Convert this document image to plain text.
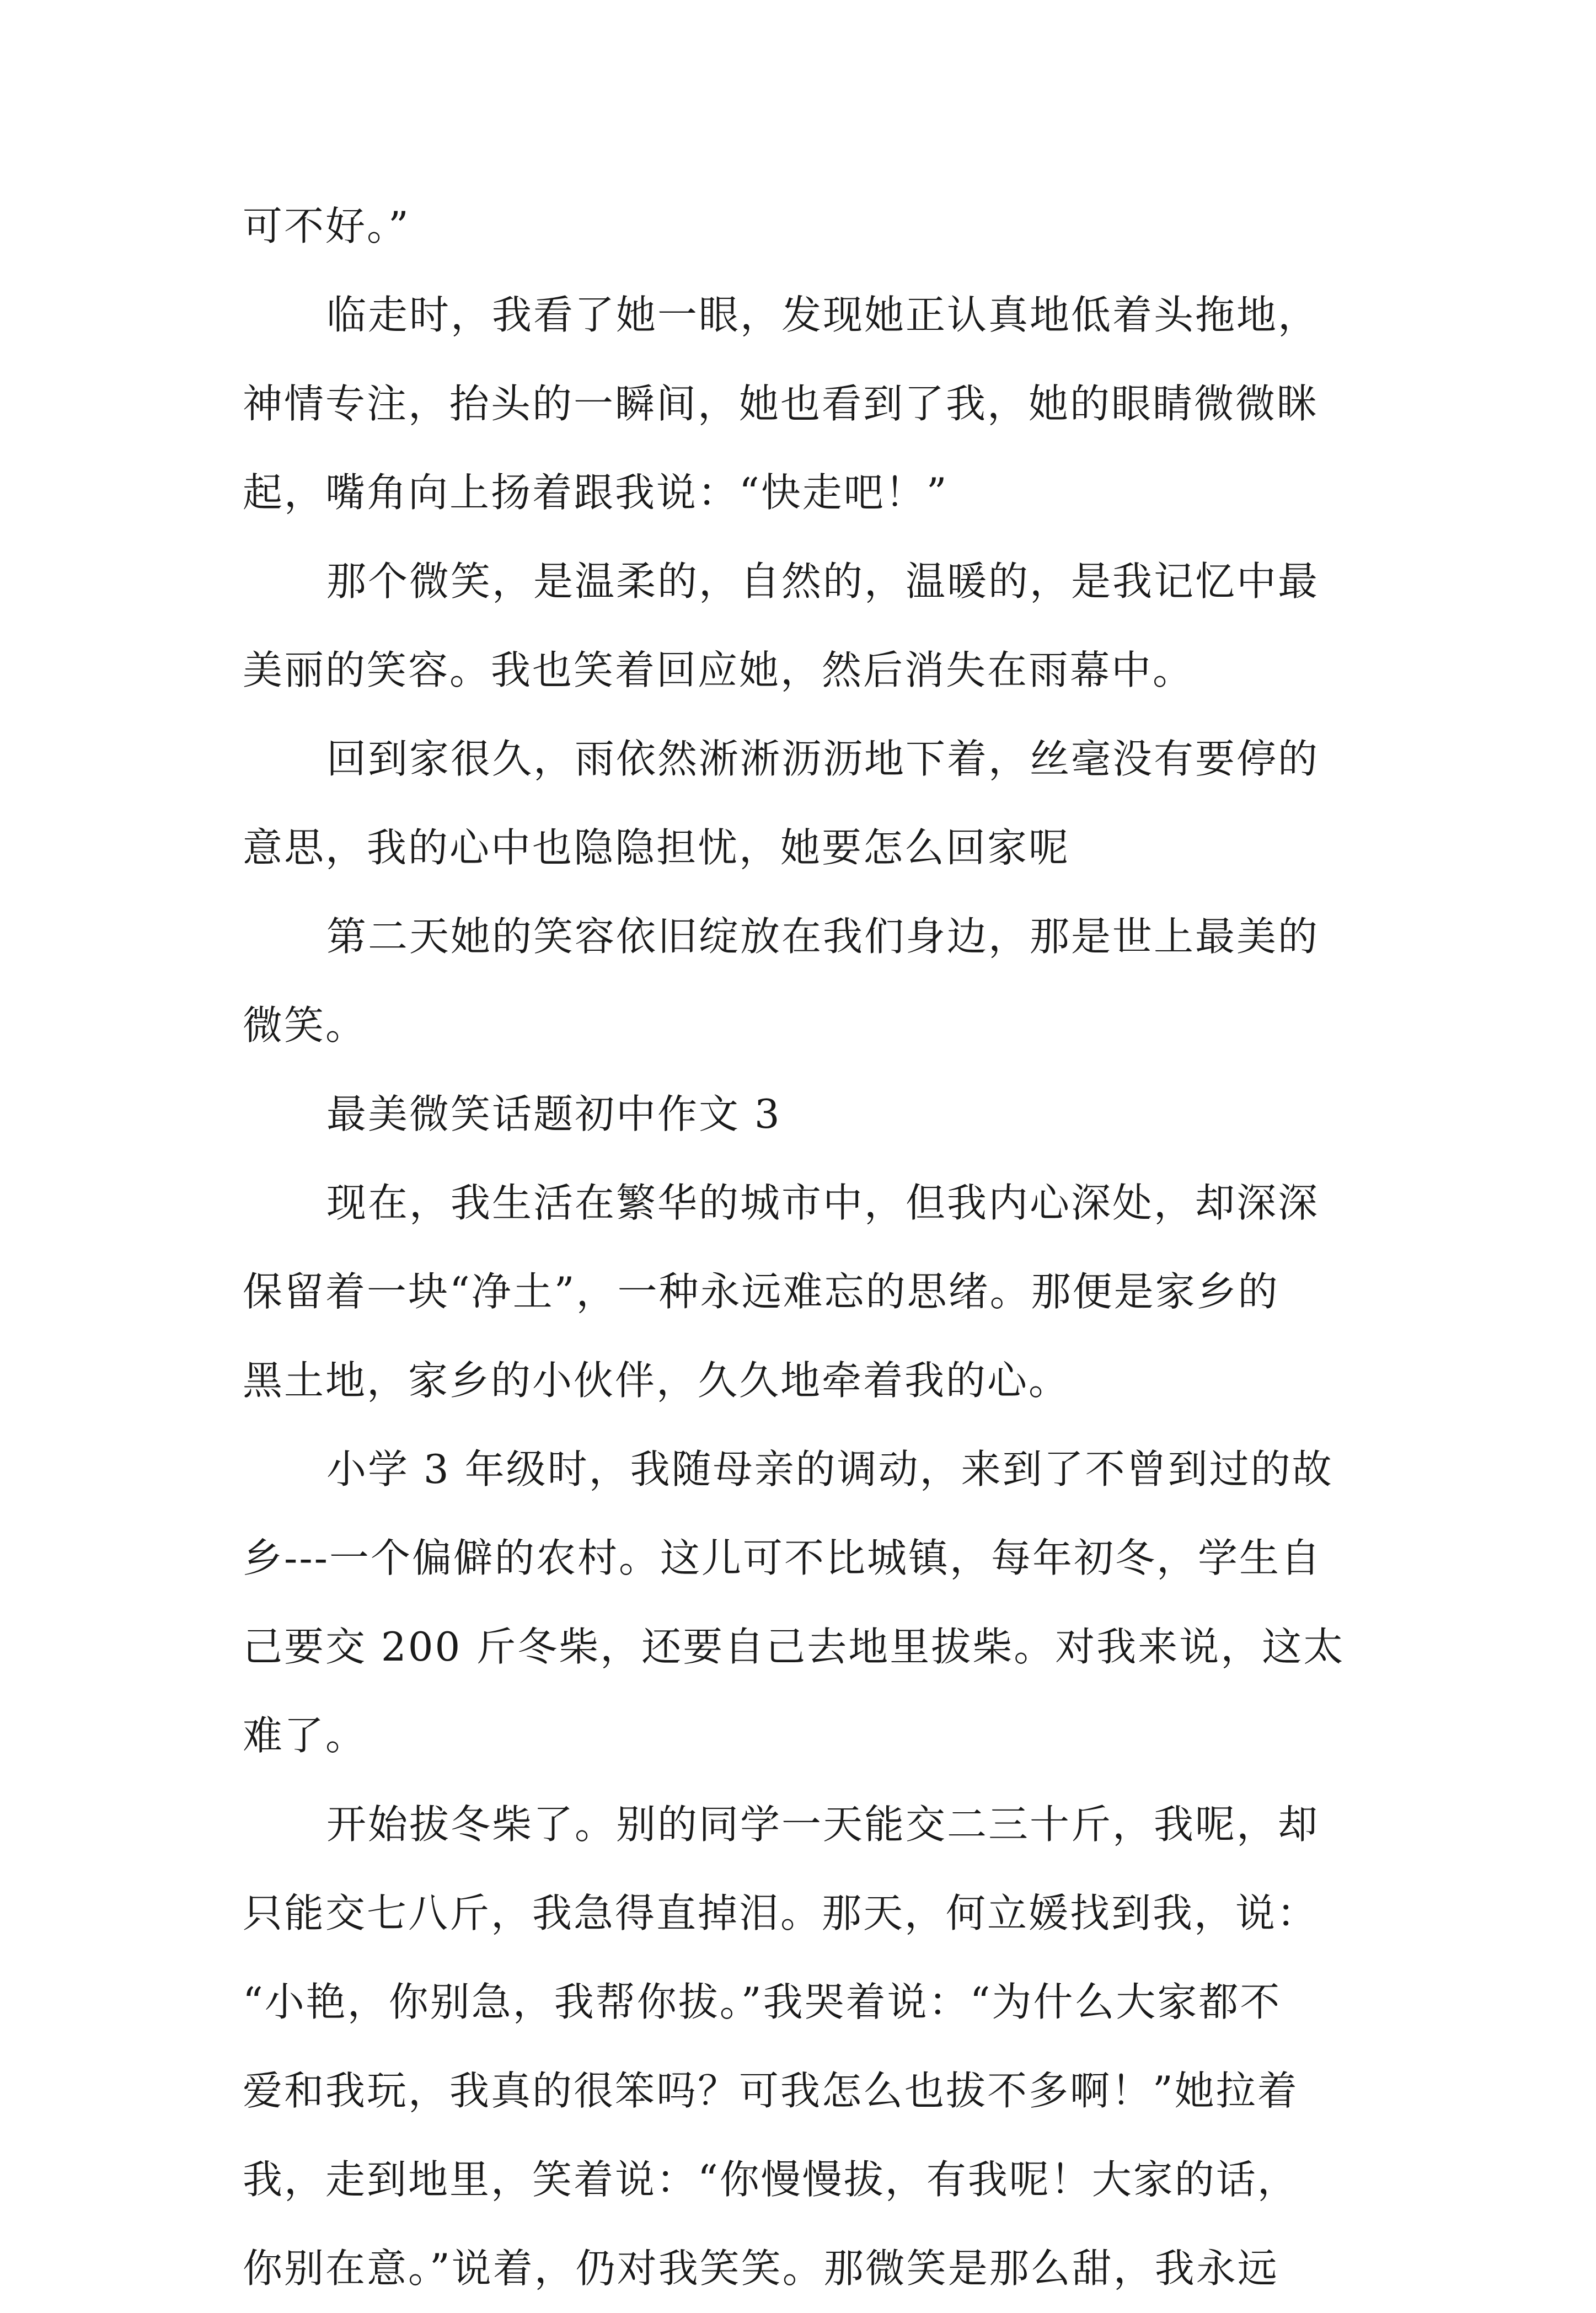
可不好。”
临走时，我看了她一眼，发现她正认真地低着头拖地，
神情专注，抬头的一瞬间，她也看到了我，她的眼睛微微眯
起，嘴角向上扬着跟我说：“快走吧！”
那个微笑，是温柔的，自然的，温暖的，是我记忆中最
美丽的笑容。我也笑着回应她，然后消失在雨幕中。
回到家很久，雨依然淅淅沥沥地下着，丝毫没有要停的
意思，我的心中也隐隐担忧，她要怎么回家呢
第二天她的笑容依旧绽放在我们身边，那是世上最美的
微笑。
最美微笑话题初中作文 3
现在，我生活在繁华的城市中，但我内心深处，却深深
保留着一块“净土”，一种永远难忘的思绪。那便是家乡的
黑土地，家乡的小伙伴，久久地牵着我的心。
小学 3 年级时，我随母亲的调动，来到了不曾到过的故
乡---一个偏僻的农村。这儿可不比城镇，每年初冬，学生自
己要交 200 斤冬柴，还要自己去地里拔柴。对我来说，这太
难了。
开始拔冬柴了。别的同学一天能交二三十斤，我呢，却
只能交七八斤，我急得直掉泪。那天，何立媛找到我，说：
“小艳，你别急，我帮你拔。”我哭着说：“为什么大家都不
爱和我玩，我真的很笨吗？可我怎么也拔不多啊！”她拉着
我，走到地里，笑着说：“你慢慢拔，有我呢！大家的话，
你别在意。”说着，仍对我笑笑。那微笑是那么甜，我永远
